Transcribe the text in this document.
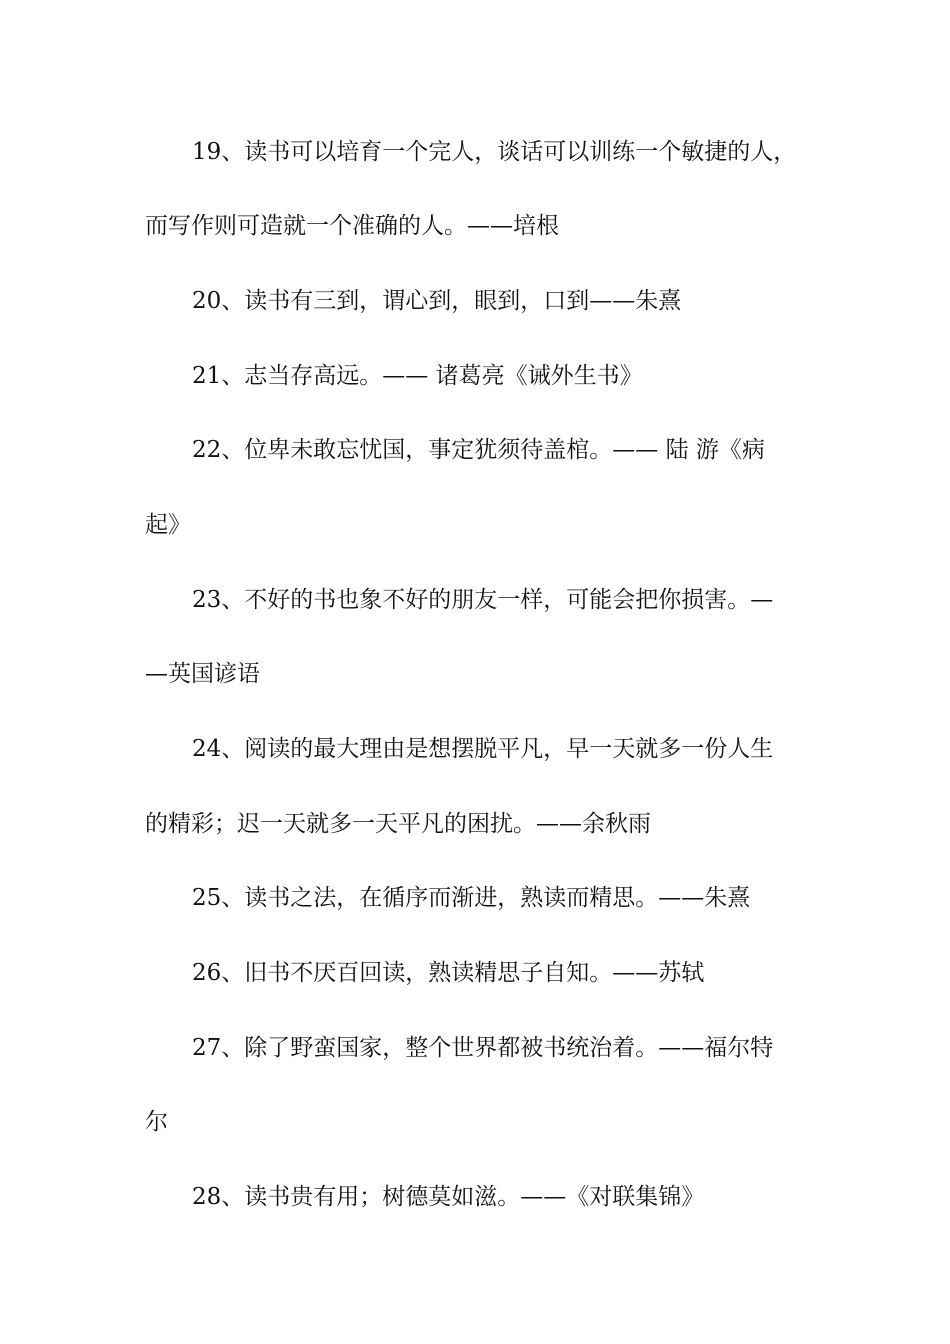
19、读书可以培育一个完人，谈话可以训练一个敏捷的人，
而写作则可造就一个准确的人。——培根
20、读书有三到，谓心到，眼到，口到——朱熹
21、志当存高远。—— 诸葛亮《诫外生书》
22、位卑未敢忘忧国，事定犹须待盖棺。—— 陆 游《病
起》
23、不好的书也象不好的朋友一样，可能会把你损害。—
—英国谚语
24、阅读的最大理由是想摆脱平凡，早一天就多一份人生
的精彩；迟一天就多一天平凡的困扰。——余秋雨
25、读书之法，在循序而渐进，熟读而精思。——朱熹
26、旧书不厌百回读，熟读精思子自知。——苏轼
27、除了野蛮国家，整个世界都被书统治着。——福尔特
尔
28、读书贵有用；树德莫如滋。——《对联集锦》
